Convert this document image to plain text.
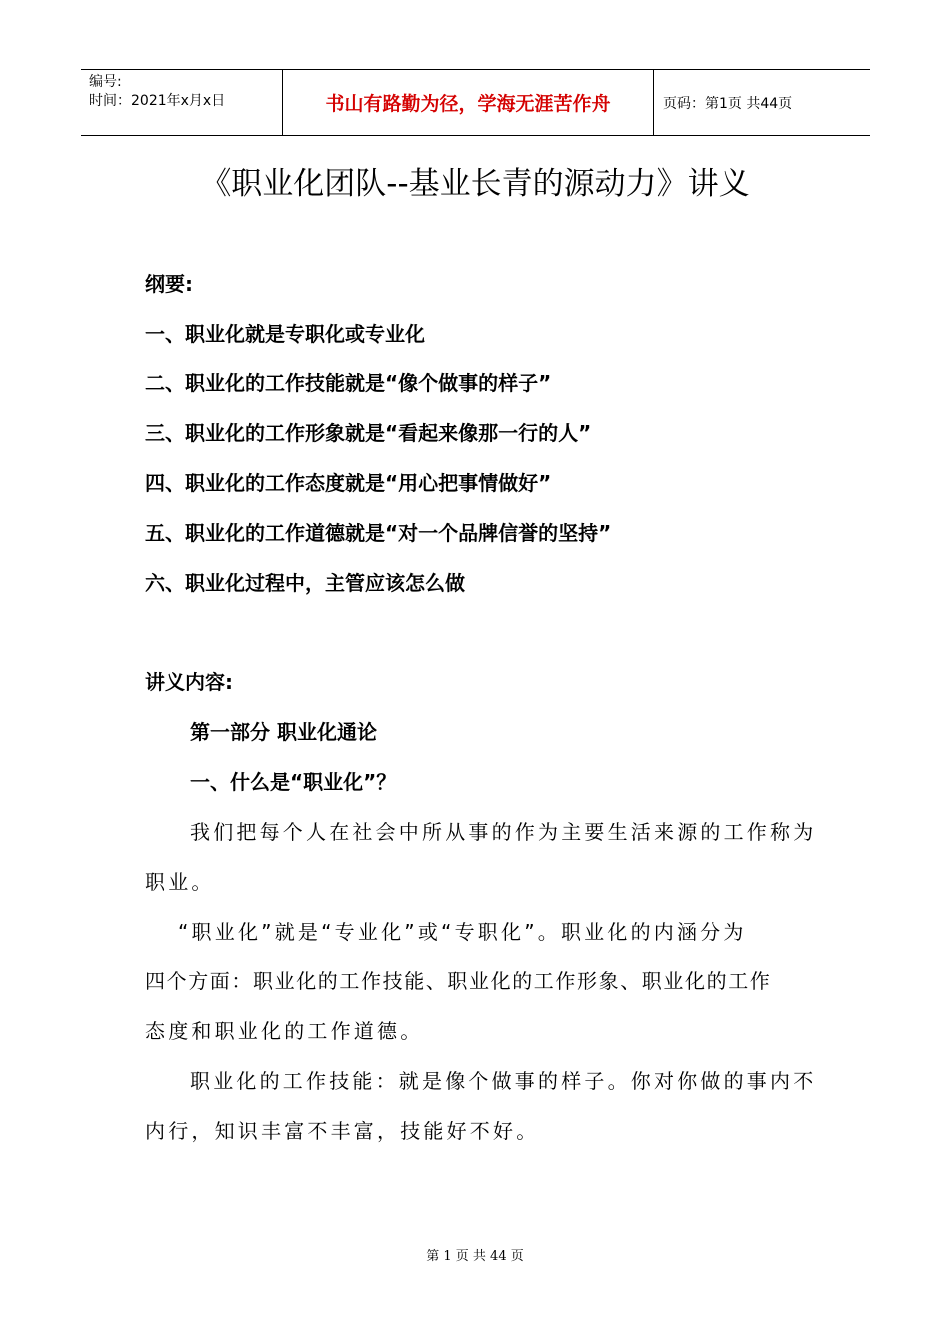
编号:
时间：2021年x月x日	书山有路勤为径，学海无涯苦作舟	页码：第1页 共44页
《职业化团队--基业长青的源动力》讲义
纲要:
一、职业化就是专职化或专业化
二、职业化的工作技能就是“像个做事的样子”
三、职业化的工作形象就是“看起来像那一行的人”
四、职业化的工作态度就是“用心把事情做好”
五、职业化的工作道德就是“对一个品牌信誉的坚持”
六、职业化过程中，主管应该怎么做
讲义内容:
第一部分 职业化通论
一、什么是“职业化”？
我们把每个人在社会中所从事的作为主要生活来源的工作称为
职业。
“职业化”就是“专业化”或“专职化”。职业化的内涵分为
四个方面：职业化的工作技能、职业化的工作形象、职业化的工作
态度和职业化的工作道德。
职业化的工作技能：就是像个做事的样子。你对你做的事内不
内行，知识丰富不丰富，技能好不好。
第 1 页 共 44 页
